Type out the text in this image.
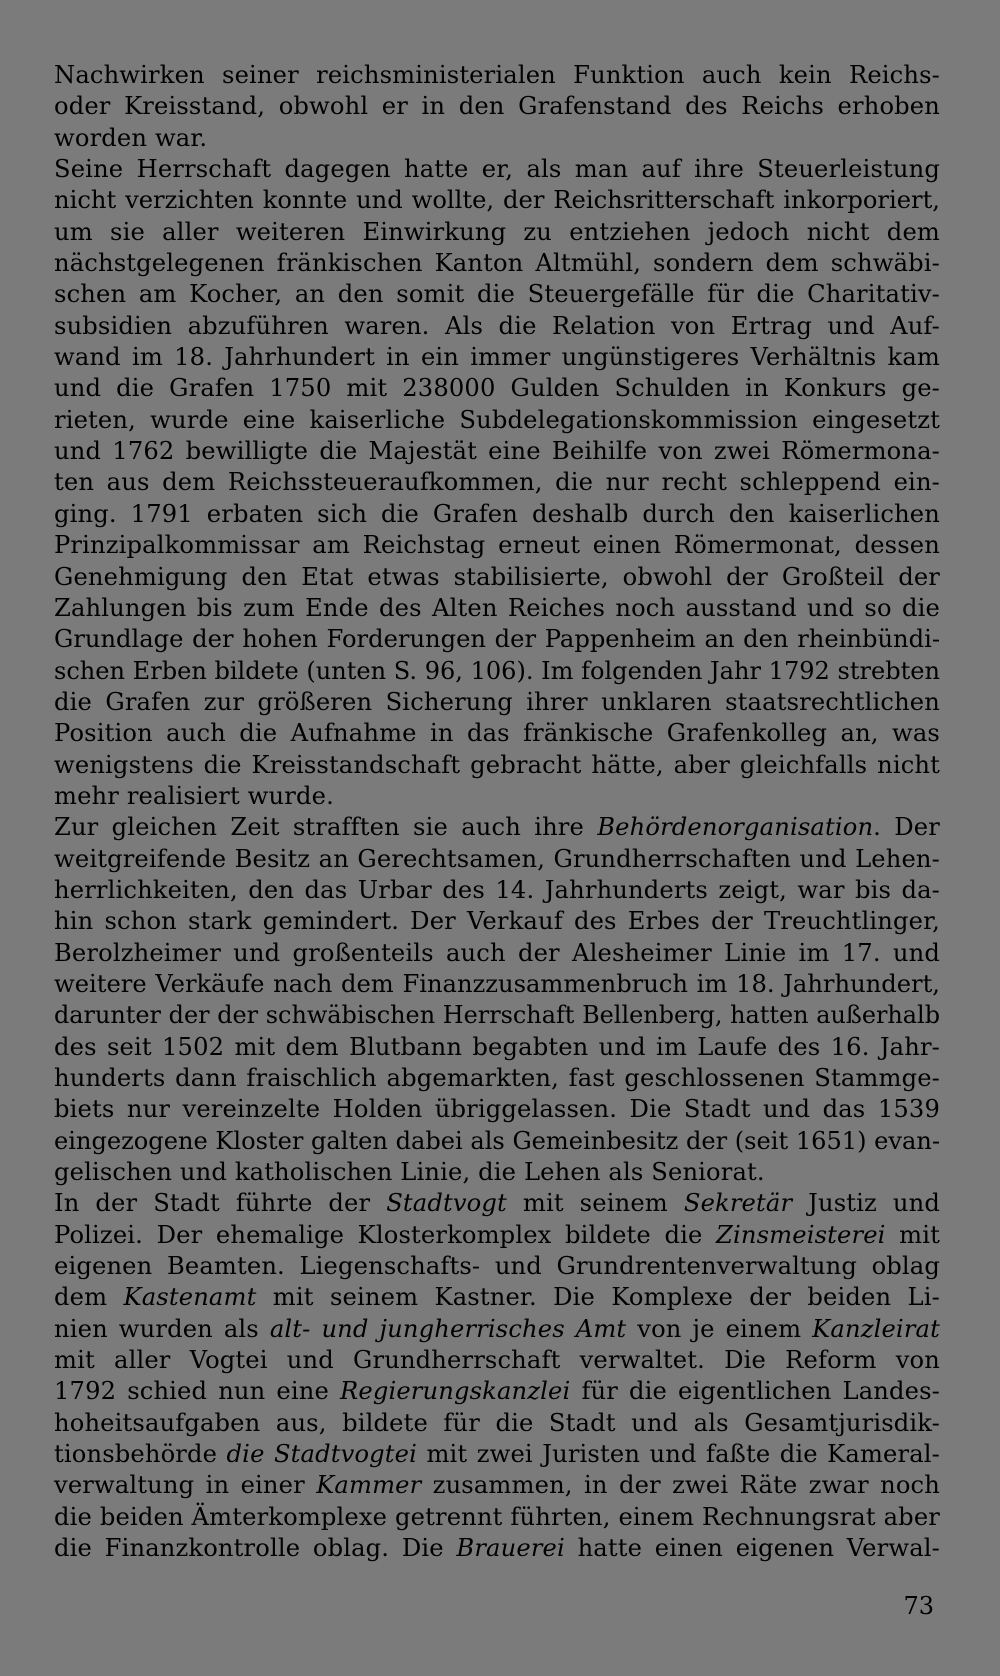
Nachwirken seiner reichsministerialen Funktion auch kein Reichs-
oder Kreisstand, obwohl er in den Grafenstand des Reichs erhoben
worden war.
Seine Herrschaft dagegen hatte er, als man auf ihre Steuerleistung
nicht verzichten konnte und wollte, der Reichsritterschaft inkorporiert,
um sie aller weiteren Einwirkung zu entziehen jedoch nicht dem
nächstgelegenen fränkischen Kanton Altmühl, sondern dem schwäbi-
schen am Kocher, an den somit die Steuergefälle für die Charitativ-
subsidien abzuführen waren. Als die Relation von Ertrag und Auf-
wand im 18. Jahrhundert in ein immer ungünstigeres Verhältnis kam
und die Grafen 1750 mit 238000 Gulden Schulden in Konkurs ge-
rieten, wurde eine kaiserliche Subdelegationskommission eingesetzt
und 1762 bewilligte die Majestät eine Beihilfe von zwei Römermona-
ten aus dem Reichssteueraufkommen, die nur recht schleppend ein-
ging. 1791 erbaten sich die Grafen deshalb durch den kaiserlichen
Prinzipalkommissar am Reichstag erneut einen Römermonat, dessen
Genehmigung den Etat etwas stabilisierte, obwohl der Großteil der
Zahlungen bis zum Ende des Alten Reiches noch ausstand und so die
Grundlage der hohen Forderungen der Pappenheim an den rheinbündi-
schen Erben bildete (unten S. 96, 106). Im folgenden Jahr 1792 strebten
die Grafen zur größeren Sicherung ihrer unklaren staatsrechtlichen
Position auch die Aufnahme in das fränkische Grafenkolleg an, was
wenigstens die Kreisstandschaft gebracht hätte, aber gleichfalls nicht
mehr realisiert wurde.
Zur gleichen Zeit strafften sie auch ihre Behördenorganisation. Der
weitgreifende Besitz an Gerechtsamen, Grundherrschaften und Lehen-
herrlichkeiten, den das Urbar des 14. Jahrhunderts zeigt, war bis da-
hin schon stark gemindert. Der Verkauf des Erbes der Treuchtlinger,
Berolzheimer und großenteils auch der Alesheimer Linie im 17. und
weitere Verkäufe nach dem Finanzzusammenbruch im 18. Jahrhundert,
darunter der der schwäbischen Herrschaft Bellenberg, hatten außerhalb
des seit 1502 mit dem Blutbann begabten und im Laufe des 16. Jahr-
hunderts dann fraischlich abgemarkten, fast geschlossenen Stammge-
biets nur vereinzelte Holden übriggelassen. Die Stadt und das 1539
eingezogene Kloster galten dabei als Gemeinbesitz der (seit 1651) evan-
gelischen und katholischen Linie, die Lehen als Seniorat.
In der Stadt führte der Stadtvogt mit seinem Sekretär Justiz und
Polizei. Der ehemalige Klosterkomplex bildete die Zinsmeisterei mit
eigenen Beamten. Liegenschafts- und Grundrentenverwaltung oblag
dem Kastenamt mit seinem Kastner. Die Komplexe der beiden Li-
nien wurden als alt- und jungherrisches Amt von je einem Kanzleirat
mit aller Vogtei und Grundherrschaft verwaltet. Die Reform von
1792 schied nun eine Regierungskanzlei für die eigentlichen Landes-
hoheitsaufgaben aus, bildete für die Stadt und als Gesamtjurisdik-
tionsbehörde die Stadtvogtei mit zwei Juristen und faßte die Kameral-
verwaltung in einer Kammer zusammen, in der zwei Räte zwar noch
die beiden Ämterkomplexe getrennt führten, einem Rechnungsrat aber
die Finanzkontrolle oblag. Die Brauerei hatte einen eigenen Verwal-
73
